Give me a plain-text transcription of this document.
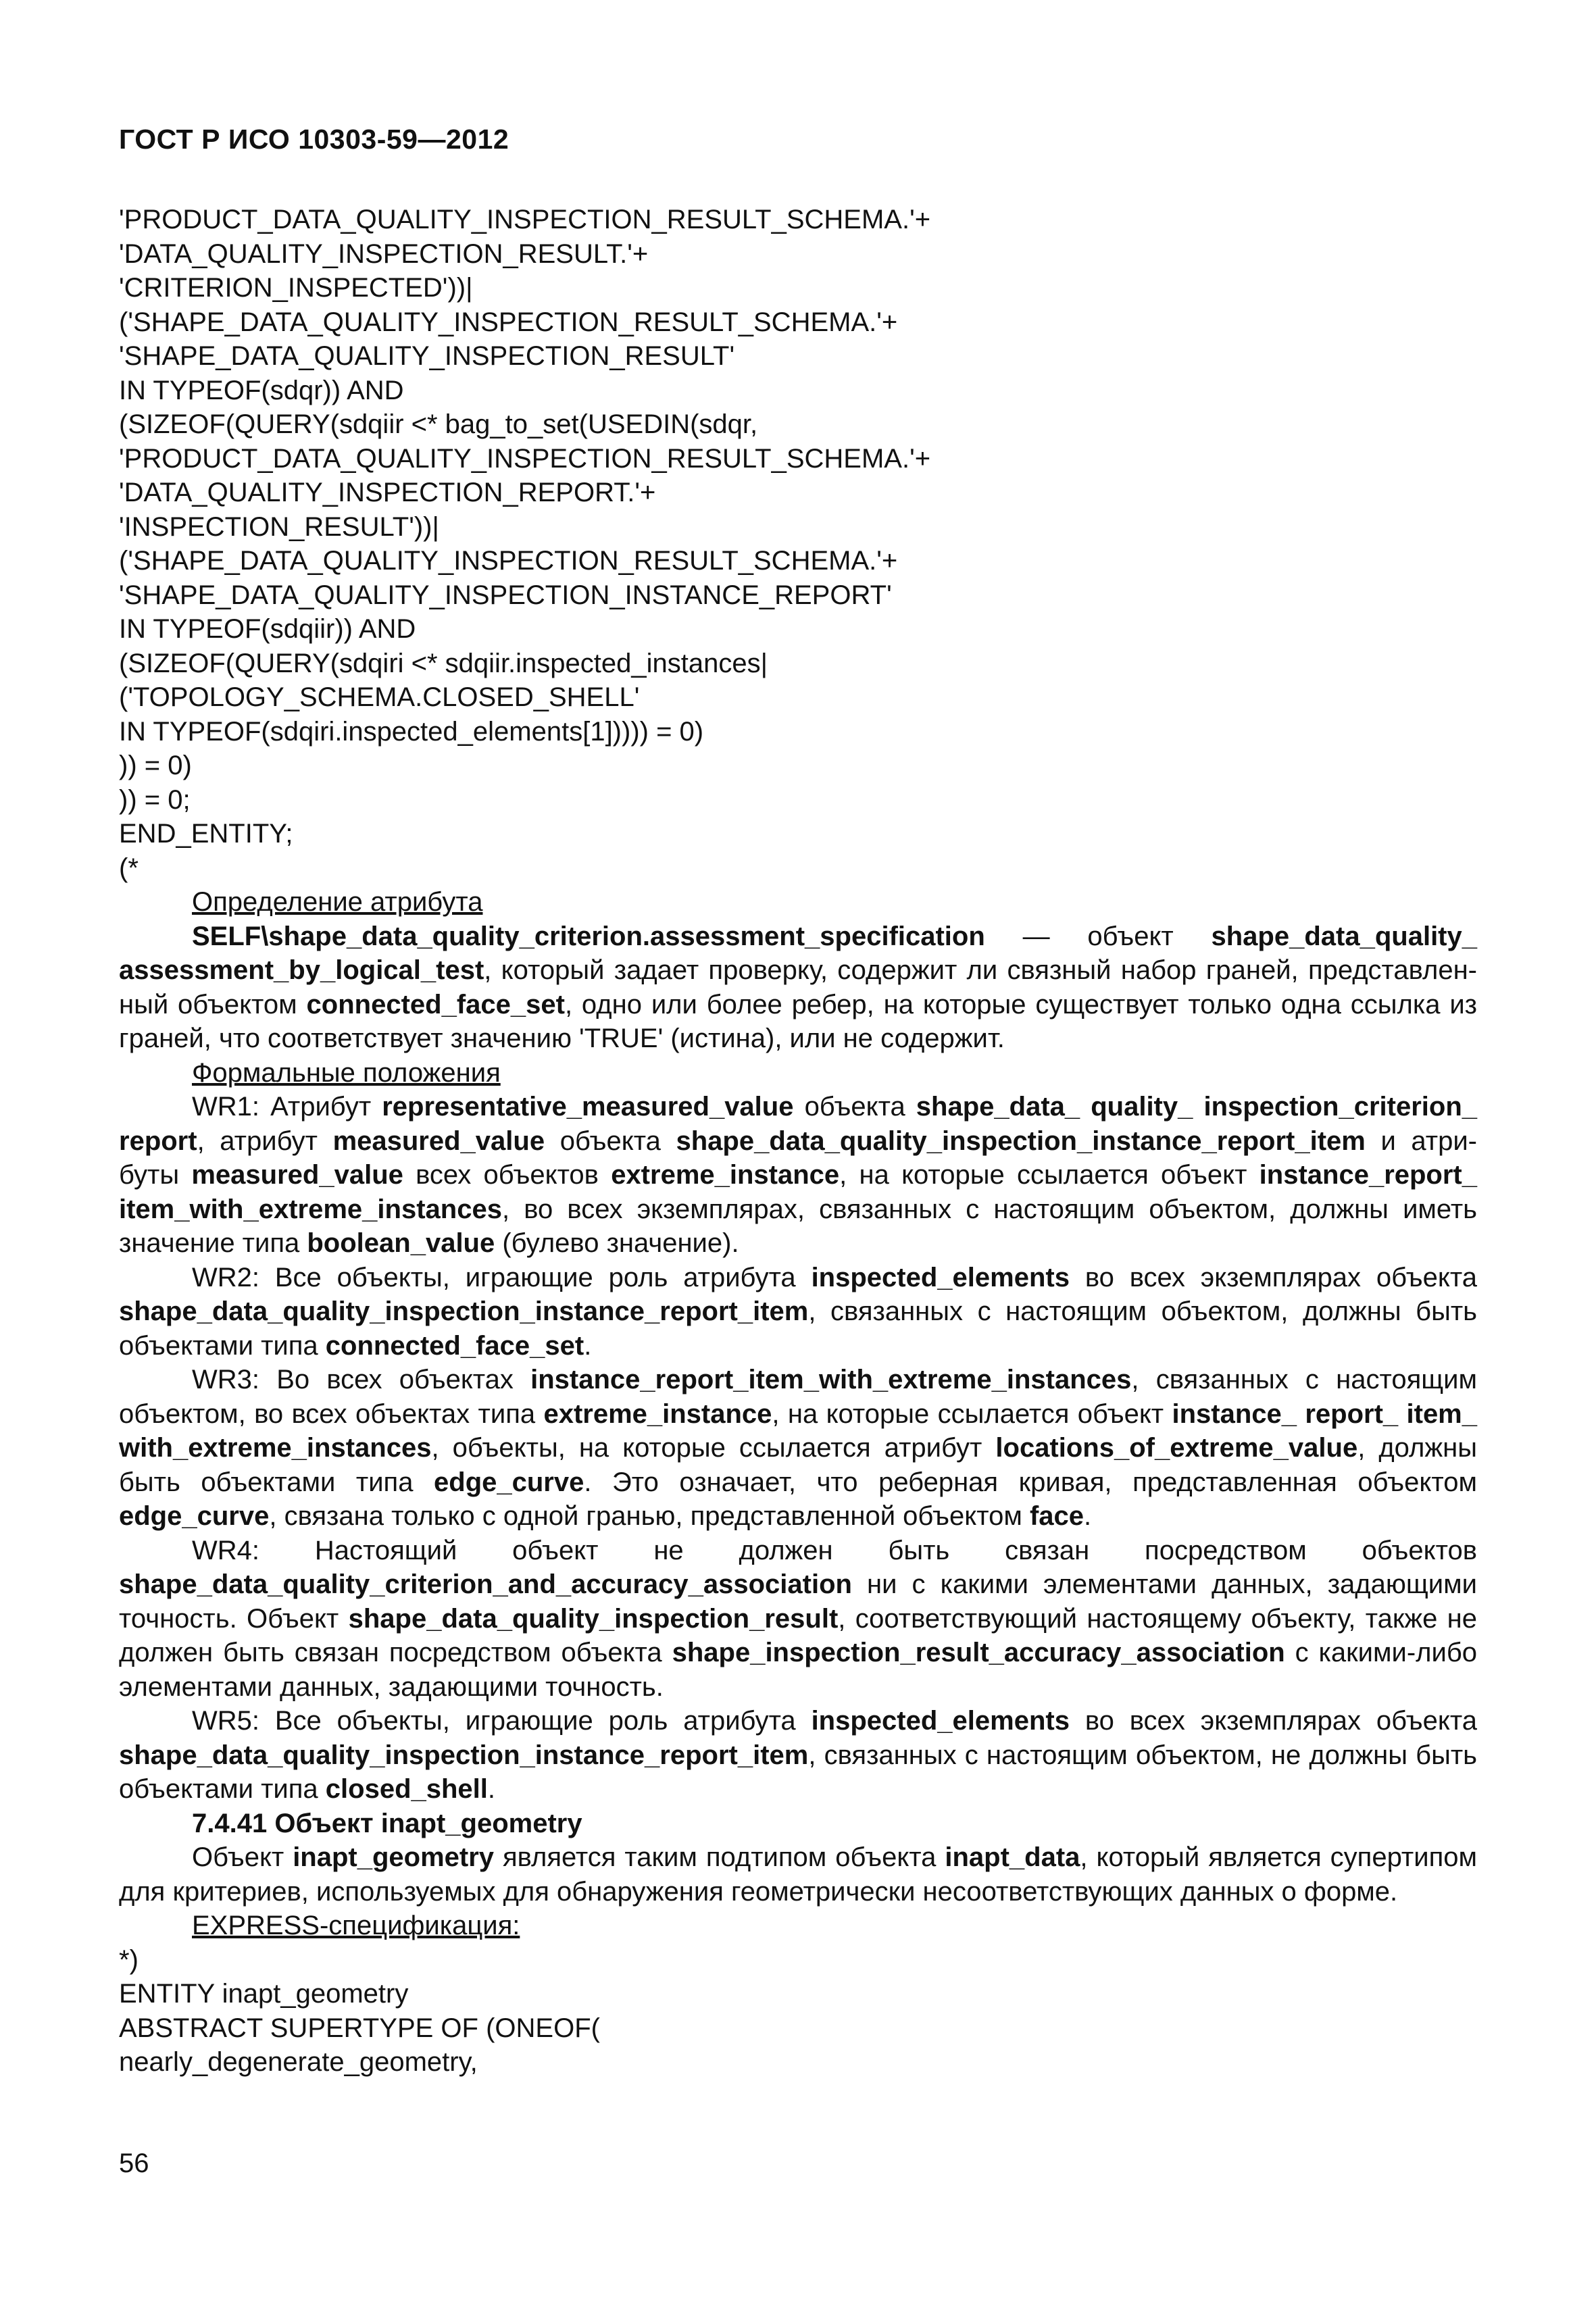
ГОСТ Р ИСО 10303-59—2012
'PRODUCT_DATA_QUALITY_INSPECTION_RESULT_SCHEMA.'+
'DATA_QUALITY_INSPECTION_RESULT.'+
'CRITERION_INSPECTED'))|
('SHAPE_DATA_QUALITY_INSPECTION_RESULT_SCHEMA.'+
'SHAPE_DATA_QUALITY_INSPECTION_RESULT'
IN TYPEOF(sdqr)) AND
(SIZEOF(QUERY(sdqiir <* bag_to_set(USEDIN(sdqr,
'PRODUCT_DATA_QUALITY_INSPECTION_RESULT_SCHEMA.'+
'DATA_QUALITY_INSPECTION_REPORT.'+
'INSPECTION_RESULT'))|
('SHAPE_DATA_QUALITY_INSPECTION_RESULT_SCHEMA.'+
'SHAPE_DATA_QUALITY_INSPECTION_INSTANCE_REPORT'
IN TYPEOF(sdqiir)) AND
(SIZEOF(QUERY(sdqiri <* sdqiir.inspected_instances|
('TOPOLOGY_SCHEMA.CLOSED_SHELL'
IN TYPEOF(sdqiri.inspected_elements[1])))) = 0)
)) = 0)
)) = 0;
END_ENTITY;
(*

Определение атрибута

SELF\shape_data_quality_criterion.assessment_specification — объект shape_data_quality_ assessment_by_logical_test, который задает проверку, содержит ли связный набор граней, представлен-ный объектом connected_face_set, одно или более ребер, на которые существует только одна ссылка из граней, что соответствует значению 'TRUE' (истина), или не содержит.

Формальные положения

WR1: Атрибут representative_measured_value объекта shape_data_ quality_ inspection_criterion_ report, атрибут measured_value объекта shape_data_quality_inspection_instance_report_item и атри-буты measured_value всех объектов extreme_instance, на которые ссылается объект instance_report_ item_with_extreme_instances, во всех экземплярах, связанных с настоящим объектом, должны иметь значение типа boolean_value (булево значение).

WR2: Все объекты, играющие роль атрибута inspected_elements во всех экземплярах объекта shape_data_quality_inspection_instance_report_item, связанных с настоящим объектом, должны быть объектами типа connected_face_set.

WR3: Во всех объектах instance_report_item_with_extreme_instances, связанных с настоящим объектом, во всех объектах типа extreme_instance, на которые ссылается объект instance_ report_ item_ with_extreme_instances, объекты, на которые ссылается атрибут locations_of_extreme_value, должны быть объектами типа edge_curve. Это означает, что реберная кривая, представленная объектом edge_curve, связана только с одной гранью, представленной объектом face.

WR4: Настоящий объект не должен быть связан посредством объектов

shape_data_quality_criterion_and_accuracy_association ни с какими элементами данных, задающими точность. Объект shape_data_quality_inspection_result, соответствующий настоящему объекту, также не должен быть связан посредством объекта shape_inspection_result_accuracy_association с какими-либо элементами данных, задающими точность.

WR5: Все объекты, играющие роль атрибута inspected_elements во всех экземплярах объекта shape_data_quality_inspection_instance_report_item, связанных с настоящим объектом, не должны быть объектами типа closed_shell.

7.4.41 Объект inapt_geometry

Объект inapt_geometry является таким подтипом объекта inapt_data, который является супертипом для критериев, используемых для обнаружения геометрически несоответствующих данных о форме.

EXPRESS-спецификация:

*)
ENTITY inapt_geometry
ABSTRACT SUPERTYPE OF (ONEOF(
nearly_degenerate_geometry,
56
